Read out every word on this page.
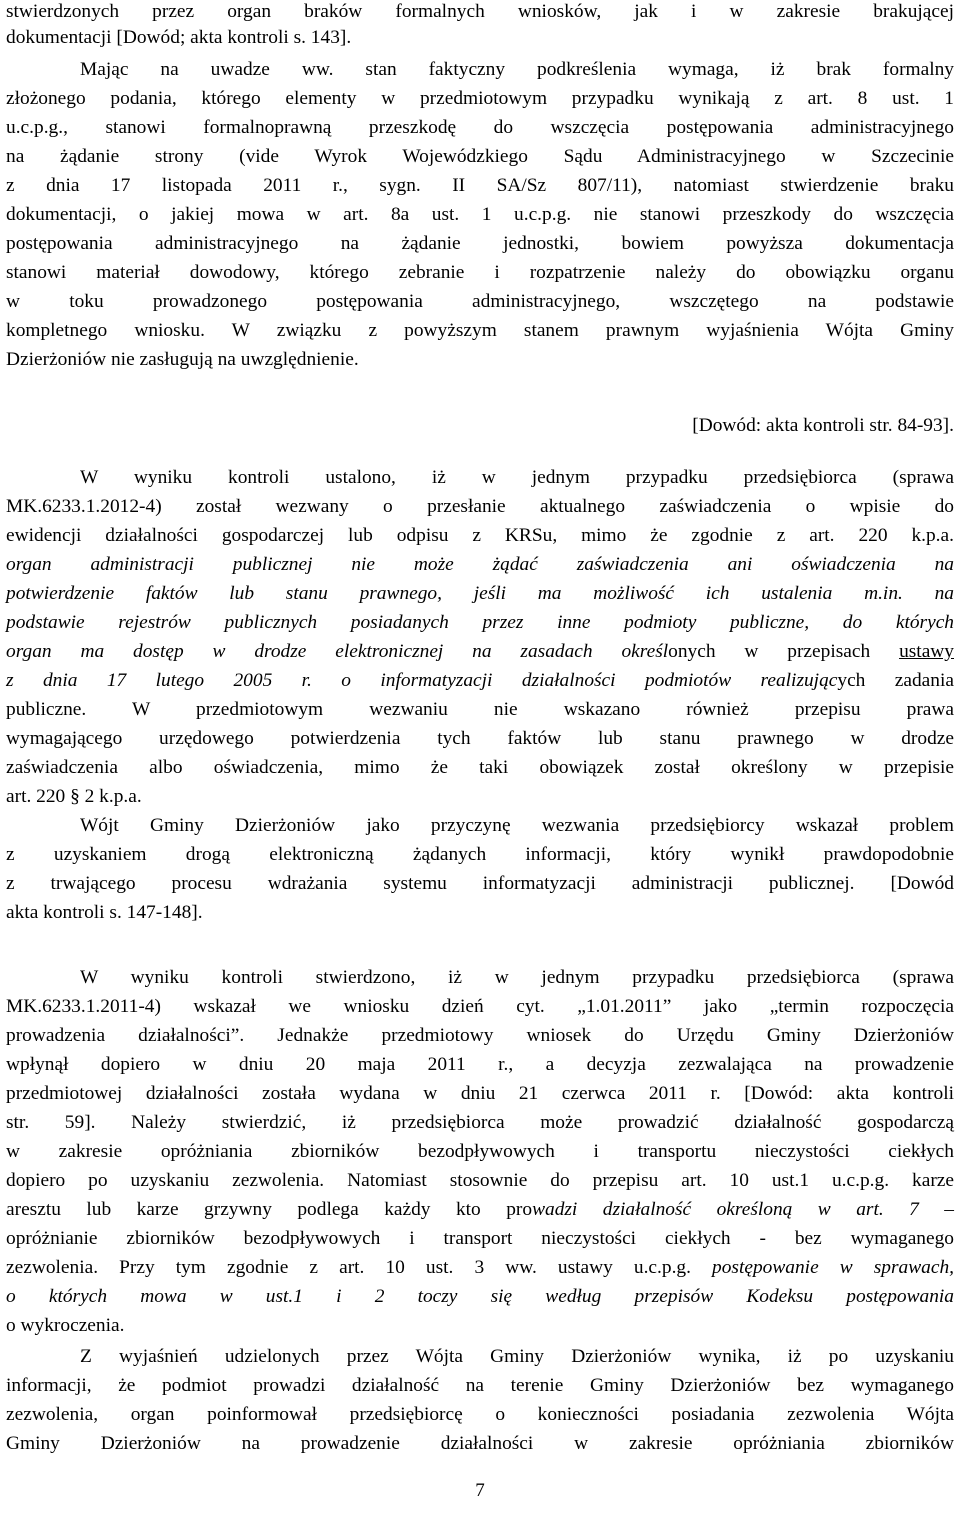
stwierdzonych przez organ braków formalnych wniosków, jak i w zakresie brakującej
dokumentacji [Dowód; akta kontroli s. 143].
Mając na uwadze ww. stan faktyczny podkreślenia wymaga, iż brak formalny
złożonego podania, którego elementy w przedmiotowym przypadku wynikają z art. 8 ust. 1
u.c.p.g., stanowi formalnoprawną przeszkodę do wszczęcia postępowania administracyjnego
na żądanie strony (vide Wyrok Wojewódzkiego Sądu Administracyjnego w Szczecinie
z dnia 17 listopada 2011 r., sygn. II SA/Sz 807/11), natomiast stwierdzenie braku
dokumentacji, o jakiej mowa w art. 8a ust. 1 u.c.p.g. nie stanowi przeszkody do wszczęcia
postępowania administracyjnego na żądanie jednostki, bowiem powyższa dokumentacja
stanowi materiał dowodowy, którego zebranie i rozpatrzenie należy do obowiązku organu
w toku prowadzonego postępowania administracyjnego, wszczętego na podstawie
kompletnego wniosku. W związku z powyższym stanem prawnym wyjaśnienia Wójta Gminy
Dzierżoniów nie zasługują na uwzględnienie.
[Dowód: akta kontroli str. 84-93].
W wyniku kontroli ustalono, iż w jednym przypadku przedsiębiorca (sprawa
MK.6233.1.2012-4) został wezwany o przesłanie aktualnego zaświadczenia o wpisie do
ewidencji działalności gospodarczej lub odpisu z KRSu, mimo że zgodnie z art. 220 k.p.a.
organ administracji publicznej nie może żądać zaświadczenia ani oświadczenia na
potwierdzenie faktów lub stanu prawnego, jeśli ma możliwość ich ustalenia m.in. na
podstawie rejestrów publicznych posiadanych przez inne podmioty publiczne, do których
organ ma dostęp w drodze elektronicznej na zasadach określonych w przepisach ustawy
z dnia 17 lutego 2005 r. o informatyzacji działalności podmiotów realizujących zadania
publiczne. W przedmiotowym wezwaniu nie wskazano również przepisu prawa
wymagającego urzędowego potwierdzenia tych faktów lub stanu prawnego w drodze
zaświadczenia albo oświadczenia, mimo że taki obowiązek został określony w przepisie
art. 220 § 2 k.p.a.
Wójt Gminy Dzierżoniów jako przyczynę wezwania przedsiębiorcy wskazał problem
z uzyskaniem drogą elektroniczną żądanych informacji, który wynikł prawdopodobnie
z trwającego procesu wdrażania systemu informatyzacji administracji publicznej. [Dowód
akta kontroli s. 147-148].
W wyniku kontroli stwierdzono, iż w jednym przypadku przedsiębiorca (sprawa
MK.6233.1.2011-4) wskazał we wniosku dzień cyt. „1.01.2011” jako „termin rozpoczęcia
prowadzenia działalności”. Jednakże przedmiotowy wniosek do Urzędu Gminy Dzierżoniów
wpłynął dopiero w dniu 20 maja 2011 r., a decyzja zezwalająca na prowadzenie
przedmiotowej działalności została wydana w dniu 21 czerwca 2011 r. [Dowód: akta kontroli
str. 59]. Należy stwierdzić, iż przedsiębiorca może prowadzić działalność gospodarczą
w zakresie opróżniania zbiorników bezodpływowych i transportu nieczystości ciekłych
dopiero po uzyskaniu zezwolenia. Natomiast stosownie do przepisu art. 10 ust.1 u.c.p.g. karze
aresztu lub karze grzywny podlega każdy kto prowadzi działalność określoną w art. 7 –
opróżnianie zbiorników bezodpływowych i transport nieczystości ciekłych - bez wymaganego
zezwolenia. Przy tym zgodnie z art. 10 ust. 3 ww. ustawy u.c.p.g. postępowanie w sprawach,
o których mowa w ust.1 i 2 toczy się według przepisów Kodeksu postępowania
o wykroczenia.
Z wyjaśnień udzielonych przez Wójta Gminy Dzierżoniów wynika, iż po uzyskaniu
informacji, że podmiot prowadzi działalność na terenie Gminy Dzierżoniów bez wymaganego
zezwolenia, organ poinformował przedsiębiorcę o konieczności posiadania zezwolenia Wójta
Gminy Dzierżoniów na prowadzenie działalności w zakresie opróżniania zbiorników
7
